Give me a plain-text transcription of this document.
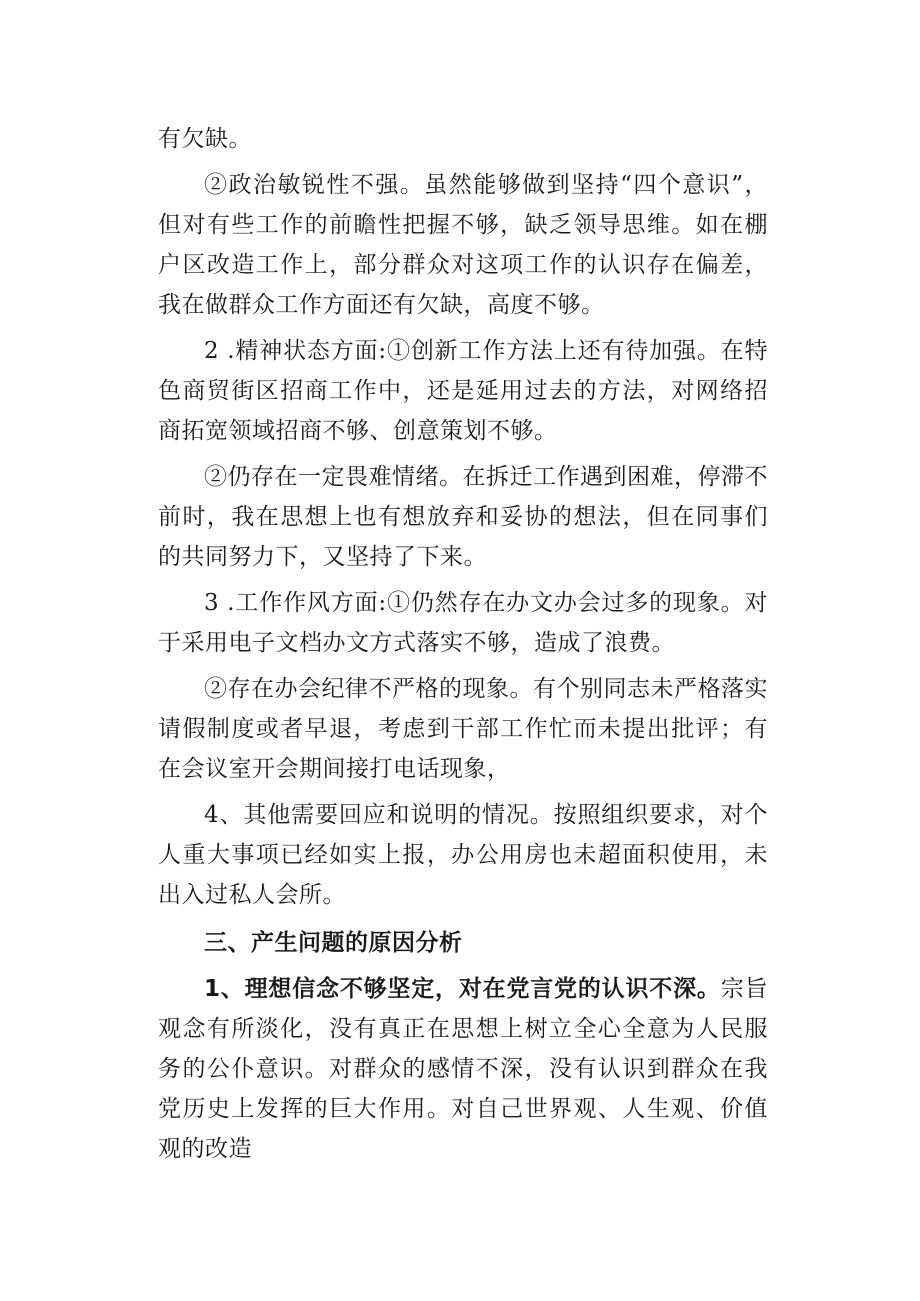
有欠缺。

②政治敏锐性不强。虽然能够做到坚持“四个意识”，但对有些工作的前瞻性把握不够，缺乏领导思维。如在棚户区改造工作上，部分群众对这项工作的认识存在偏差，我在做群众工作方面还有欠缺，高度不够。

2 .精神状态方面:①创新工作方法上还有待加强。在特色商贸街区招商工作中，还是延用过去的方法，对网络招商拓宽领域招商不够、创意策划不够。

②仍存在一定畏难情绪。在拆迁工作遇到困难，停滞不前时，我在思想上也有想放弃和妥协的想法，但在同事们的共同努力下，又坚持了下来。

3 .工作作风方面:①仍然存在办文办会过多的现象。对于采用电子文档办文方式落实不够，造成了浪费。

②存在办会纪律不严格的现象。有个别同志未严格落实请假制度或者早退，考虑到干部工作忙而未提出批评；有在会议室开会期间接打电话现象，

4、其他需要回应和说明的情况。按照组织要求，对个人重大事项已经如实上报，办公用房也未超面积使用，未出入过私人会所。

三、产生问题的原因分析

1、理想信念不够坚定，对在党言党的认识不深。宗旨观念有所淡化，没有真正在思想上树立全心全意为人民服务的公仆意识。对群众的感情不深，没有认识到群众在我党历史上发挥的巨大作用。对自己世界观、人生观、价值观的改造
